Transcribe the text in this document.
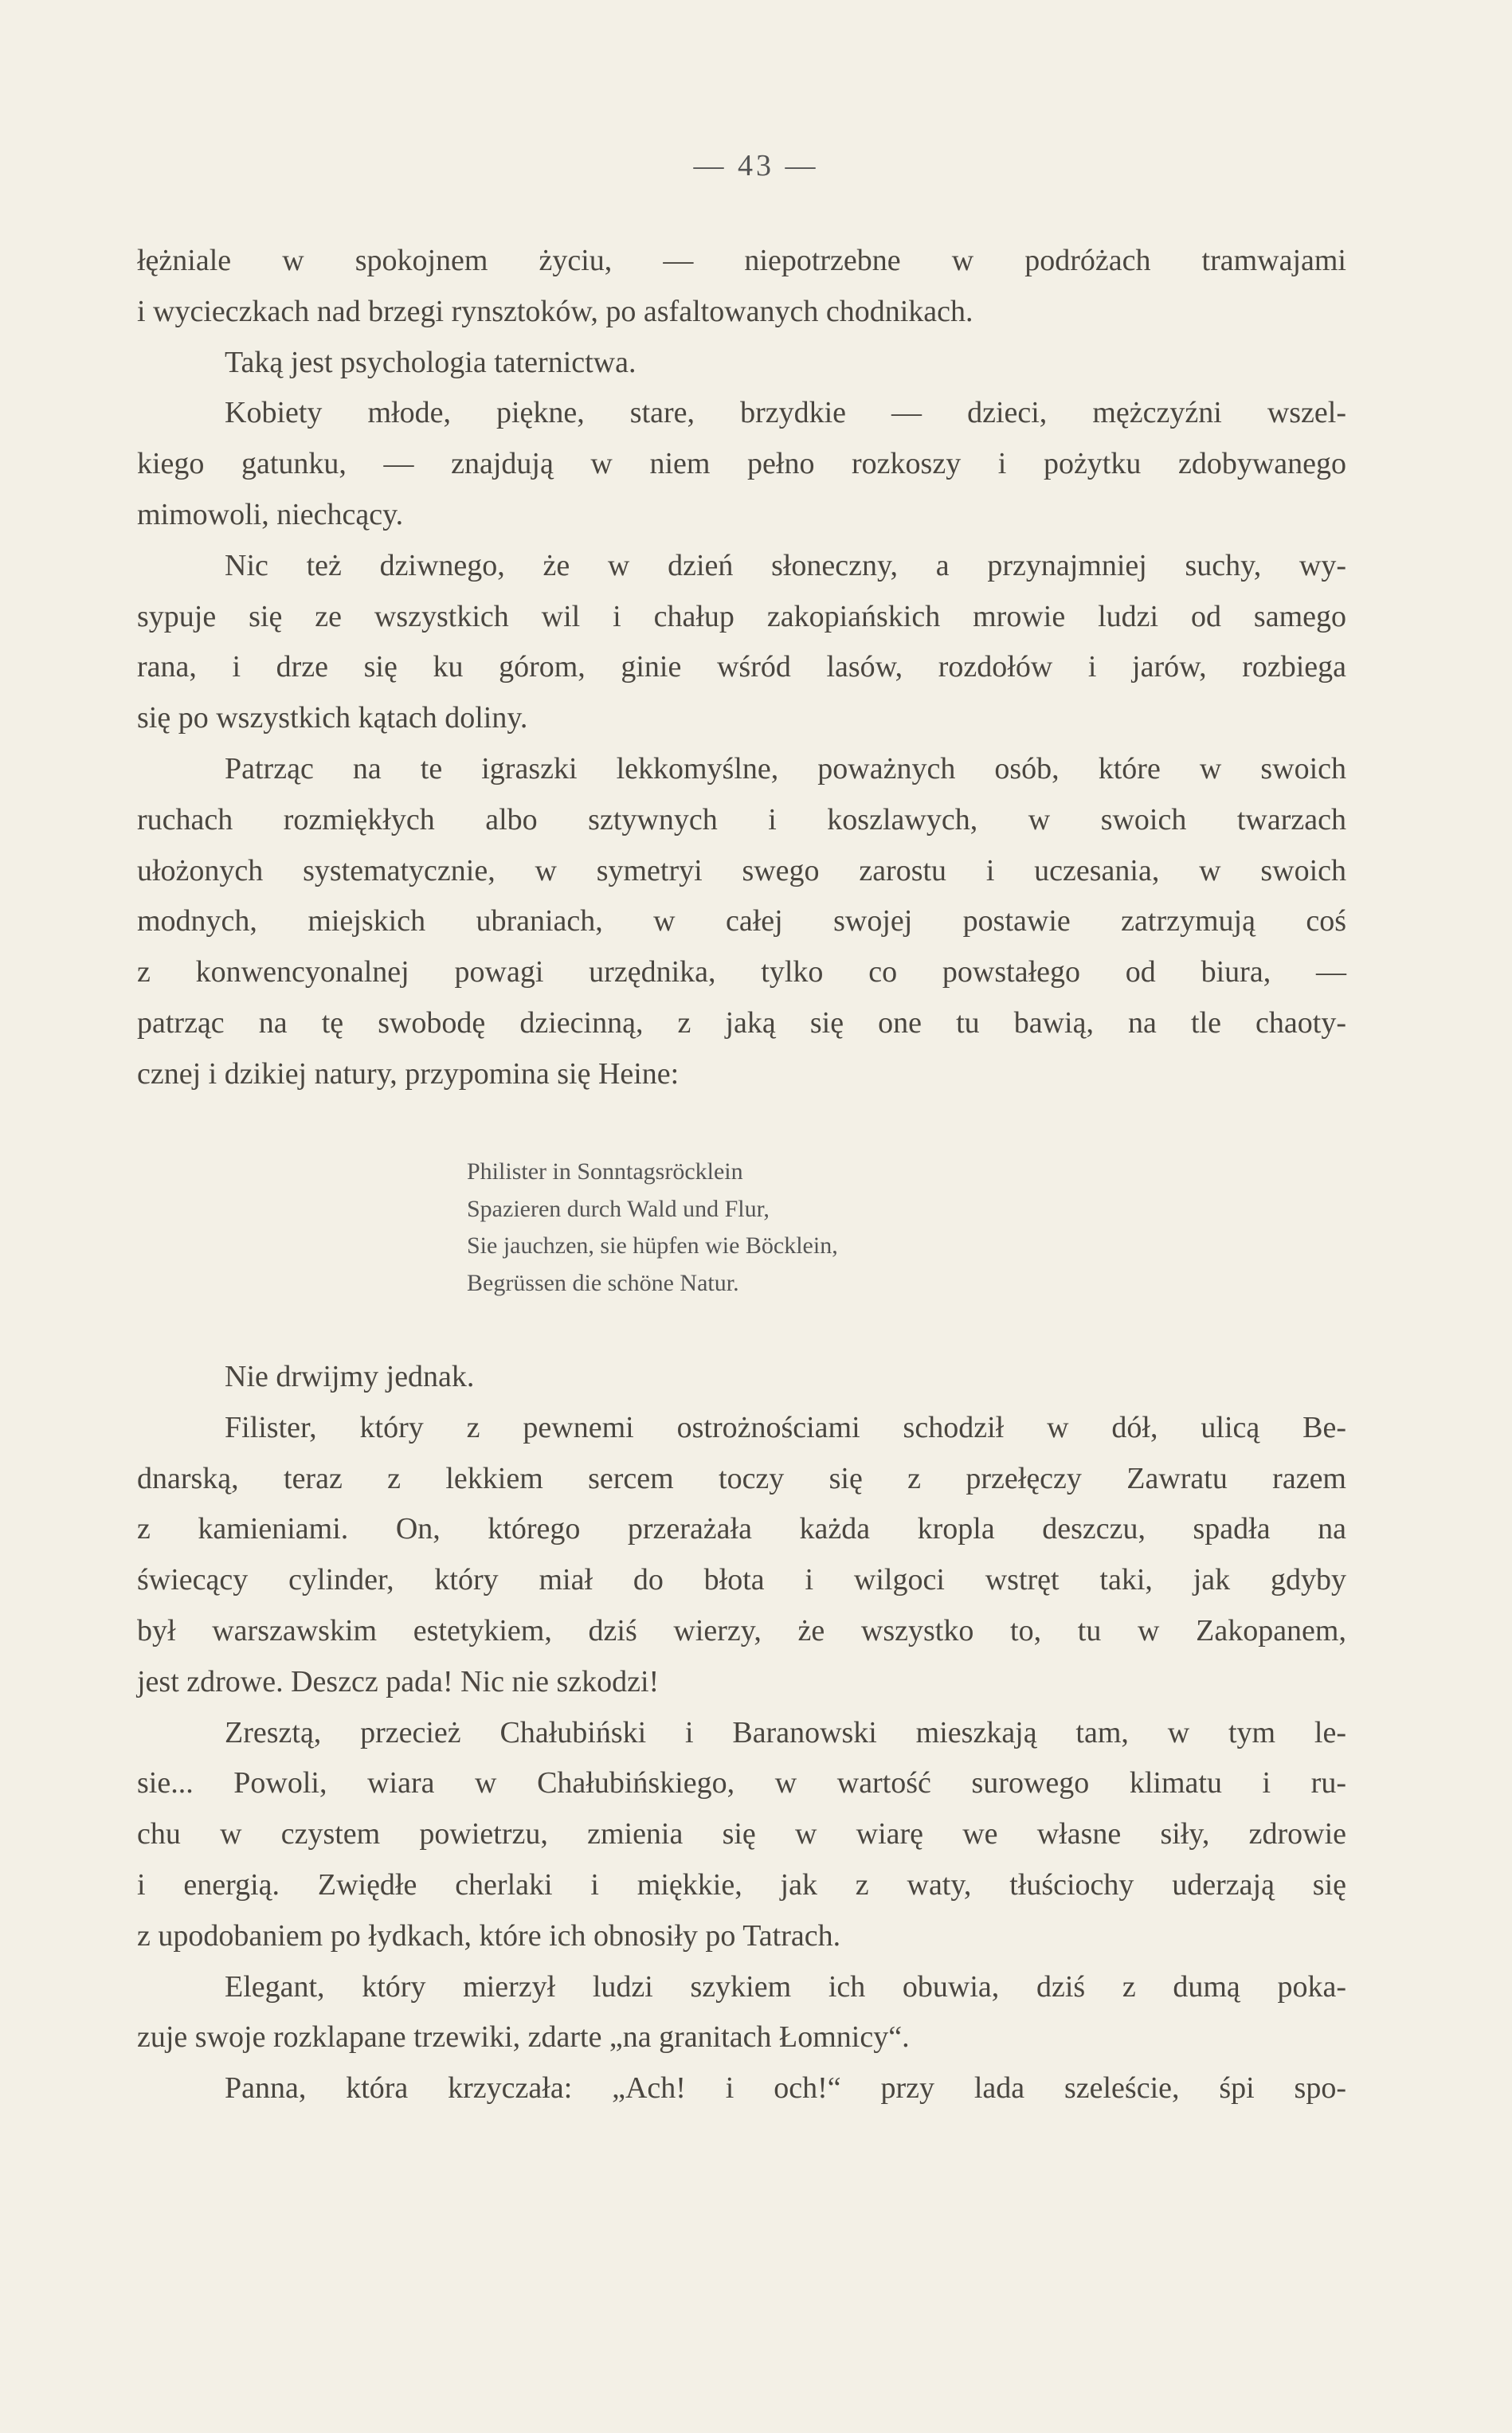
— 43 —
łężniale w spokojnem życiu, — niepotrzebne w podróżach tramwajami
i wycieczkach nad brzegi rynsztoków, po asfaltowanych chodnikach.
Taką jest psychologia taternictwa.
Kobiety młode, piękne, stare, brzydkie — dzieci, mężczyźni wszel-
kiego gatunku, — znajdują w niem pełno rozkoszy i pożytku zdobywanego
mimowoli, niechcący.
Nic też dziwnego, że w dzień słoneczny, a przynajmniej suchy, wy-
sypuje się ze wszystkich wil i chałup zakopiańskich mrowie ludzi od samego
rana, i drze się ku górom, ginie wśród lasów, rozdołów i jarów, rozbiega
się po wszystkich kątach doliny.
Patrząc na te igraszki lekkomyślne, poważnych osób, które w swoich
ruchach rozmiękłych albo sztywnych i koszlawych, w swoich twarzach
ułożonych systematycznie, w symetryi swego zarostu i uczesania, w swoich
modnych, miejskich ubraniach, w całej swojej postawie zatrzymują coś
z konwencyonalnej powagi urzędnika, tylko co powstałego od biura, —
patrząc na tę swobodę dziecinną, z jaką się one tu bawią, na tle chaoty-
cznej i dzikiej natury, przypomina się Heine:
Philister in Sonntagsröcklein
Spazieren durch Wald und Flur,
Sie jauchzen, sie hüpfen wie Böcklein,
Begrüssen die schöne Natur.
Nie drwijmy jednak.
Filister, który z pewnemi ostrożnościami schodził w dół, ulicą Be-
dnarską, teraz z lekkiem sercem toczy się z przełęczy Zawratu razem
z kamieniami. On, którego przerażała każda kropla deszczu, spadła na
świecący cylinder, który miał do błota i wilgoci wstręt taki, jak gdyby
był warszawskim estetykiem, dziś wierzy, że wszystko to, tu w Zakopanem,
jest zdrowe. Deszcz pada! Nic nie szkodzi!
Zresztą, przecież Chałubiński i Baranowski mieszkają tam, w tym le-
sie... Powoli, wiara w Chałubińskiego, w wartość surowego klimatu i ru-
chu w czystem powietrzu, zmienia się w wiarę we własne siły, zdrowie
i energią. Zwiędłe cherlaki i miękkie, jak z waty, tłuściochy uderzają się
z upodobaniem po łydkach, które ich obnosiły po Tatrach.
Elegant, który mierzył ludzi szykiem ich obuwia, dziś z dumą poka-
zuje swoje rozklapane trzewiki, zdarte „na granitach Łomnicy“.
Panna, która krzyczała: „Ach! i och!“ przy lada szeleście, śpi spo-
